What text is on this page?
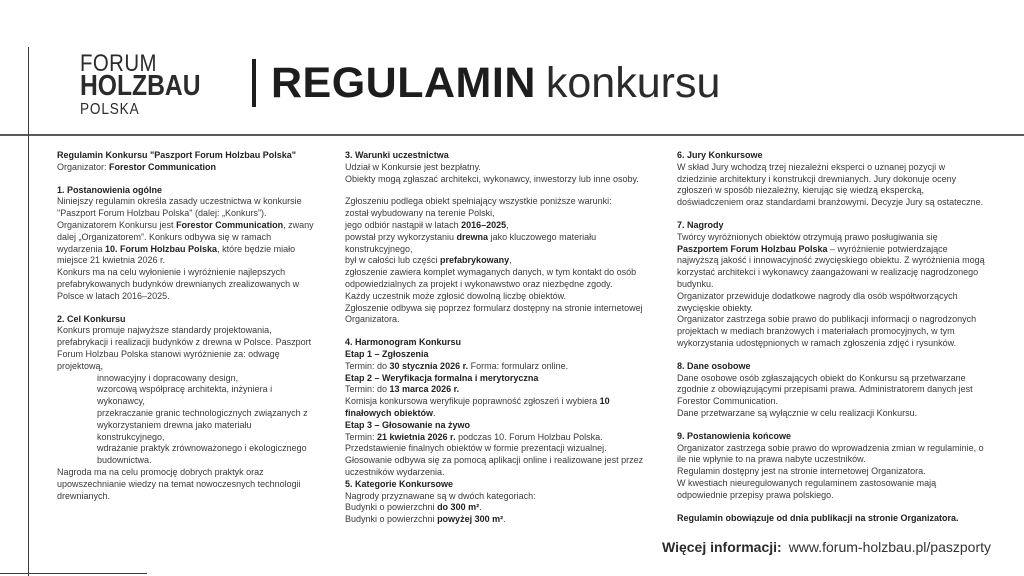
FORUM
HOLZBAU
POLSKA
REGULAMIN konkursu

Regulamin Konkursu "Paszport Forum Holzbau Polska"

Organizator: Forestor Communication

1. Postanowienia ogólne

Niniejszy regulamin określa zasady uczestnictwa w konkursie "Paszport Forum Holzbau Polska" (dalej: „Konkurs”).

Organizatorem Konkursu jest Forestor Communication, zwany dalej „Organizatorem”. Konkurs odbywa się w ramach wydarzenia 10. Forum Holzbau Polska, które będzie miało miejsce 21 kwietnia 2026 r.

Konkurs ma na celu wyłonienie i wyróżnienie najlepszych prefabrykowanych budynków drewnianych zrealizowanych w Polsce w latach 2016–2025.

2. Cel Konkursu

Konkurs promuje najwyższe standardy projektowania, prefabrykacji i realizacji budynków z drewna w Polsce. Paszport Forum Holzbau Polska stanowi wyróżnienie za: odwagę projektową,

innowacyjny i dopracowany design,

wzorcową współpracę architekta, inżyniera i wykonawcy,

przekraczanie granic technologicznych związanych z wykorzystaniem drewna jako materiału konstrukcyjnego,

wdrażanie praktyk zrównoważonego i ekologicznego budownictwa.

Nagroda ma na celu promocję dobrych praktyk oraz upowszechnianie wiedzy na temat nowoczesnych technologii drewnianych.

3. Warunki uczestnictwa

Udział w Konkursie jest bezpłatny.

Obiekty mogą zgłaszać architekci, wykonawcy, inwestorzy lub inne osoby.

Zgłoszeniu podlega obiekt spełniający wszystkie poniższe warunki:

został wybudowany na terenie Polski,

jego odbiór nastąpił w latach 2016–2025,

powstał przy wykorzystaniu drewna jako kluczowego materiału konstrukcyjnego,

był w całości lub części prefabrykowany,

zgłoszenie zawiera komplet wymaganych danych, w tym kontakt do osób odpowiedzialnych za projekt i wykonawstwo oraz niezbędne zgody.

Każdy uczestnik może zgłosić dowolną liczbę obiektów.

Zgłoszenie odbywa się poprzez formularz dostępny na stronie internetowej Organizatora.

4. Harmonogram Konkursu

Etap 1 – Zgłoszenia

Termin: do 30 stycznia 2026 r. Forma: formularz online.

Etap 2 – Weryfikacja formalna i merytoryczna

Termin: do 13 marca 2026 r.

Komisja konkursowa weryfikuje poprawność zgłoszeń i wybiera 10 finałowych obiektów.

Etap 3 – Głosowanie na żywo

Termin: 21 kwietnia 2026 r. podczas 10. Forum Holzbau Polska.

Przedstawienie finalnych obiektów w formie prezentacji wizualnej.

Głosowanie odbywa się za pomocą aplikacji online i realizowane jest przez uczestników wydarzenia.

5. Kategorie Konkursowe

Nagrody przyznawane są w dwóch kategoriach:

Budynki o powierzchni do 300 m².

Budynki o powierzchni powyżej 300 m².

6. Jury Konkursowe

W skład Jury wchodzą trzej niezależni eksperci o uznanej pozycji w dziedzinie architektury i konstrukcji drewnianych. Jury dokonuje oceny zgłoszeń w sposób niezależny, kierując się wiedzą ekspercką, doświadczeniem oraz standardami branżowymi. Decyzje Jury są ostateczne.

7. Nagrody

Twórcy wyróżnionych obiektów otrzymują prawo posługiwania się Paszportem Forum Holzbau Polska – wyróżnienie potwierdzające najwyższą jakość i innowacyjność zwycięskiego obiektu. Z wyróżnienia mogą korzystać architekci i wykonawcy zaangażowani w realizację nagrodzonego budynku.

Organizator przewiduje dodatkowe nagrody dla osób współtworzących zwycięskie obiekty.

Organizator zastrzega sobie prawo do publikacji informacji o nagrodzonych projektach w mediach branżowych i materiałach promocyjnych, w tym wykorzystania udostępnionych w ramach zgłoszenia zdjęć i rysunków.

8. Dane osobowe

Dane osobowe osób zgłaszających obiekt do Konkursu są przetwarzane zgodnie z obowiązującymi przepisami prawa. Administratorem danych jest Forestor Communication.

Dane przetwarzane są wyłącznie w celu realizacji Konkursu.

9. Postanowienia końcowe

Organizator zastrzega sobie prawo do wprowadzenia zmian w regulaminie, o ile nie wpłynie to na prawa nabyte uczestników.

Regulamin dostępny jest na stronie internetowej Organizatora.

W kwestiach nieuregulowanych regulaminem zastosowanie mają odpowiednie przepisy prawa polskiego.

Regulamin obowiązuje od dnia publikacji na stronie Organizatora.

Więcej informacji: www.forum-holzbau.pl/paszporty
